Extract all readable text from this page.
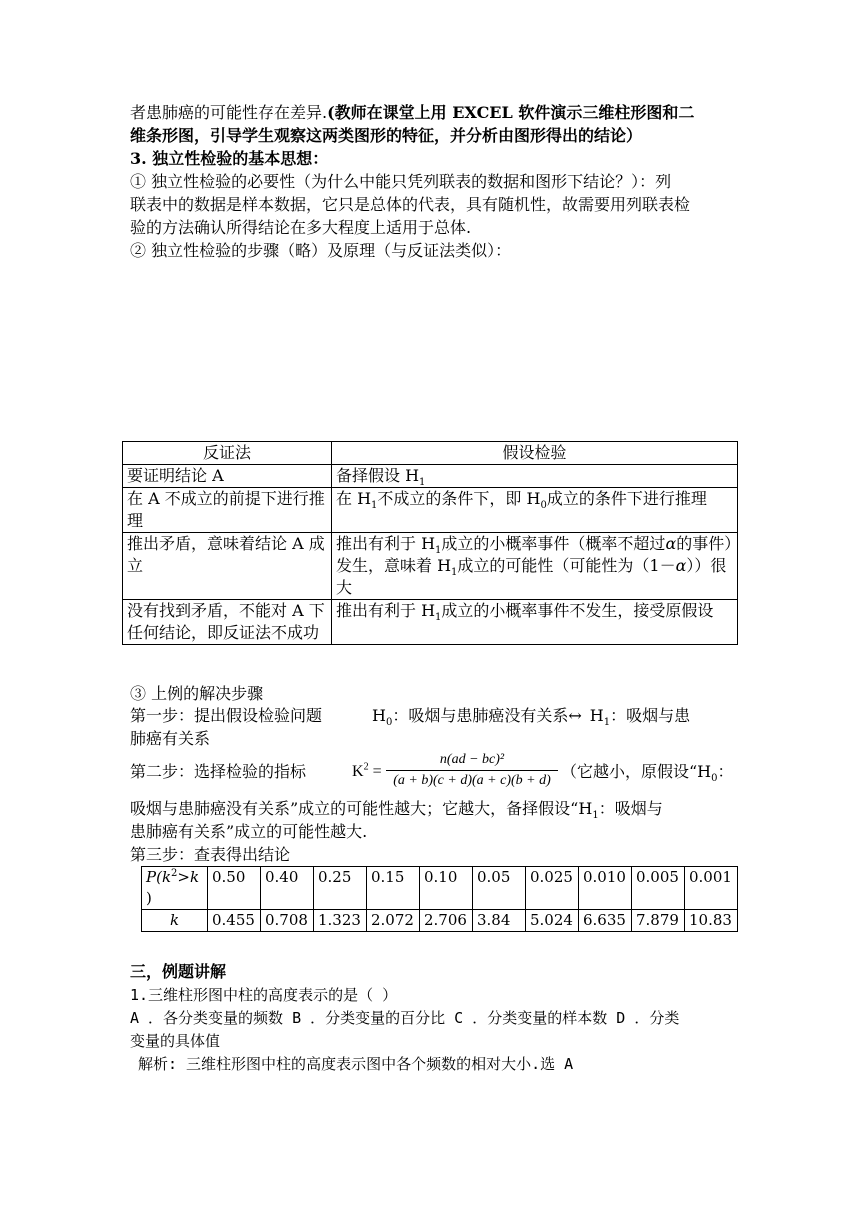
者患肺癌的可能性存在差异.(教师在课堂上用 EXCEL 软件演示三维柱形图和二
维条形图，引导学生观察这两类图形的特征，并分析由图形得出的结论）
3. 独立性检验的基本思想：
① 独立性检验的必要性（为什么中能只凭列联表的数据和图形下结论？）：列
联表中的数据是样本数据，它只是总体的代表，具有随机性，故需要用列联表检
验的方法确认所得结论在多大程度上适用于总体.
② 独立性检验的步骤（略）及原理（与反证法类似）：
反证法	假设检验
要证明结论 A	备择假设 $H_1$
在 A 不成立的前提下进行推理	在 $H_1$不成立的条件下，即 $H_0$成立的条件下进行推理
推出矛盾，意味着结论 A 成立	推出有利于 $H_1$成立的小概率事件（概率不超过α的事件）发生，意味着 $H_1$成立的可能性（可能性为（1－α））很大
没有找到矛盾，不能对 A 下任何结论，即反证法不成功	推出有利于 $H_1$成立的小概率事件不发生，接受原假设
③ 上例的解决步骤
第一步：提出假设检验问题	$H_0$：吸烟与患肺癌没有关系↔ $H_1$：吸烟与患
肺癌有关系
第二步：选择检验的指标	$K^2$ =
n(ad − bc)²
(a + b)(c + d)(a + c)(b + d) （它越小，原假设“$H_0$：
吸烟与患肺癌没有关系”成立的可能性越大；它越大，备择假设“$H_1$：吸烟与
患肺癌有关系”成立的可能性越大.
第三步：查表得出结论
$P(k^2>k$
)	0.50	0.40	0.25	0.15	0.10	0.05	0.025	0.010	0.005	0.001
k	0.455	0.708	1.323	2.072	2.706	3.84	5.024	6.635	7.879	10.83
三，例题讲解
1.三维柱形图中柱的高度表示的是（ ）
A ．各分类变量的频数 B ．分类变量的百分比 C ．分类变量的样本数 D ．分类
变量的具体值
解析: 三维柱形图中柱的高度表示图中各个频数的相对大小.选 A
